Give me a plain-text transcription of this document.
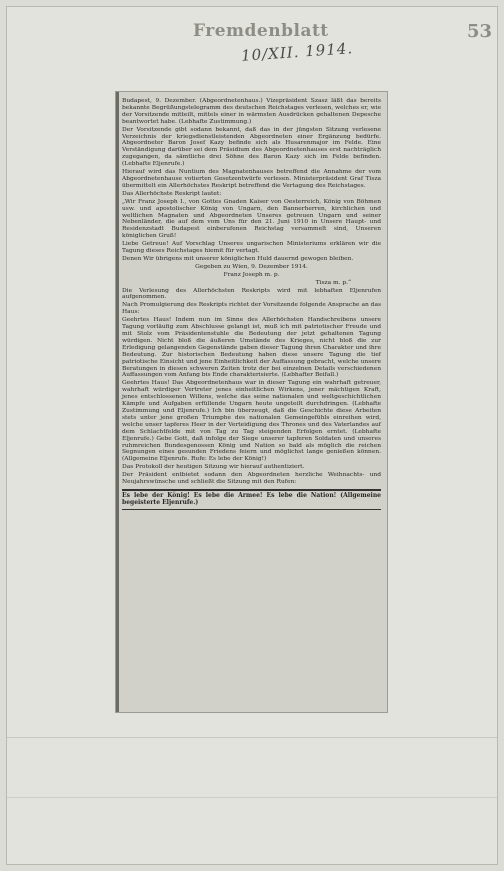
Fremdenblatt	53
10/XII. 1914.

Budapest, 9. Dezember. (Abgeordnetenhaus.) Vizepräsident Szasz läßt das bereits bekannte Begrüßungstelegramm des deutschen Reichstages verlesen, welches er, wie der Vorsitzende mitteilt, mittels einer in wärmsten Ausdrücken gehaltenen Depesche beantwortet habe. (Lebhafte Zustimmung.)

Der Vorsitzende gibt sodann bekannt, daß das in der jüngsten Sitzung verlesene Verzeichnis der kriegsdienstleistenden Abgeordneten einer Ergänzung bedürfe. Abgeordneter Baron Josef Kazy befinde sich als Husarenmajor im Felde. Eine Verständigung darüber sei dem Präsidium des Abgeordnetenhauses erst nachträglich zugegangen, da sämtliche drei Söhne des Baron Kazy sich im Felde befinden. (Lebhafte Eljenrufe.)

Hierauf wird das Nuntium des Magnatenhauses betreffend die Annahme der vom Abgeordnetenhause votierten Gesetzentwürfe verlesen. Ministerpräsident Graf Tisza übermittelt ein Allerhöchstes Reskript betreffend die Vertagung des Reichstages.

Das Allerhöchste Reskript lautet:

„Wir Franz Joseph I., von Gottes Gnaden Kaiser von Oesterreich, König von Böhmen usw. und apostolischer König von Ungarn, den Bannerherren, kirchlichen und weltlichen Magnaten und Abgeordneten Unseres getreuen Ungarn und seiner Nebenländer, die auf dem vom Uns für den 21. Juni 1910 in Unsere Haupt- und Residenzstadt Budapest einberufenen Reichstag versammelt sind, Unseren königlichen Gruß!

Liebe Getreue! Auf Vorschlag Unseres ungarischen Ministeriums erklären wir die Tagung dieses Reichstages hiemit für vertagt.

Denen Wir übrigens mit unserer königlichen Huld dauernd gewogen bleiben.

Gegeben zu Wien, 9. Dezember 1914.

Franz Joseph m. p.

Tisza m. p.“

Die Verlesung des Allerhöchsten Reskripts wird mit lebhaften Eljenrufen aufgenommen.

Nach Promulgierung des Reskripts richtet der Vorsitzende folgende Ansprache an das Haus:

Geehrtes Haus! Indem nun im Sinne des Allerhöchsten Handschreibens unsere Tagung vorläufig zum Abschlusse gelangt ist, muß ich mit patriotischer Freude und mit Stolz vom Präsidentenstuhle die Bedeutung der jetzt gehaltenen Tagung würdigen. Nicht bloß die äußeren Umstände des Krieges, nicht bloß die zur Erledigung gelangenden Gegenstände gaben dieser Tagung ihren Charakter und ihre Bedeutung. Zur historischen Bedeutung haben diese unsere Tagung die tief patriotische Einsicht und jene Einheitlichkeit der Auffassung gebracht, welche unsere Beratungen in diesen schweren Zeiten trotz der bei einzelnen Details verschiedenen Auffassungen vom Anfang bis Ende charakterisierte. (Lebhafter Beifall.)

Geehrtes Haus! Das Abgeordnetenhaus war in dieser Tagung ein wahrhaft getreuer, wahrhaft würdiger Vertreter jenes einheitlichen Wirkens, jener mächtigen Kraft, jenes entschlossenen Willens, welche das seine nationalen und weltgeschichtlichen Kämpfe und Aufgaben erfüllende Ungarn heute ungeteilt durchdringen. (Lebhafte Zustimmung und Eljenrufe.) Ich bin überzeugt, daß die Geschichte diese Arbeiten stets unter jene großen Triumphe des nationalen Gemeingefühls einreihen wird, welche unser tapferes Heer in der Verteidigung des Thrones und des Vaterlandes auf dem Schlachtfelde mit von Tag zu Tag steigenden Erfolgen erntet. (Lebhafte Eljenrufe.) Gebe Gott, daß infolge der Siege unserer tapferen Soldaten und unseres ruhmreichen Bundesgenossen König und Nation so bald als möglich die reichen Segnungen eines gesunden Friedens feiern und möglichst lange genießen können. (Allgemeine Eljenrufe. Rufe: Es lebe der König!)

Das Protokoll der heutigen Sitzung wir hierauf authentiziert.

Der Präsident entbietet sodann den Abgeordneten herzliche Weihnachts- und Neujahrswünsche und schließt die Sitzung mit den Rufen:

Es lebe der König! Es lebe die Armee! Es lebe die Nation! (Allgemeine begeisterte Eljenrufe.)
